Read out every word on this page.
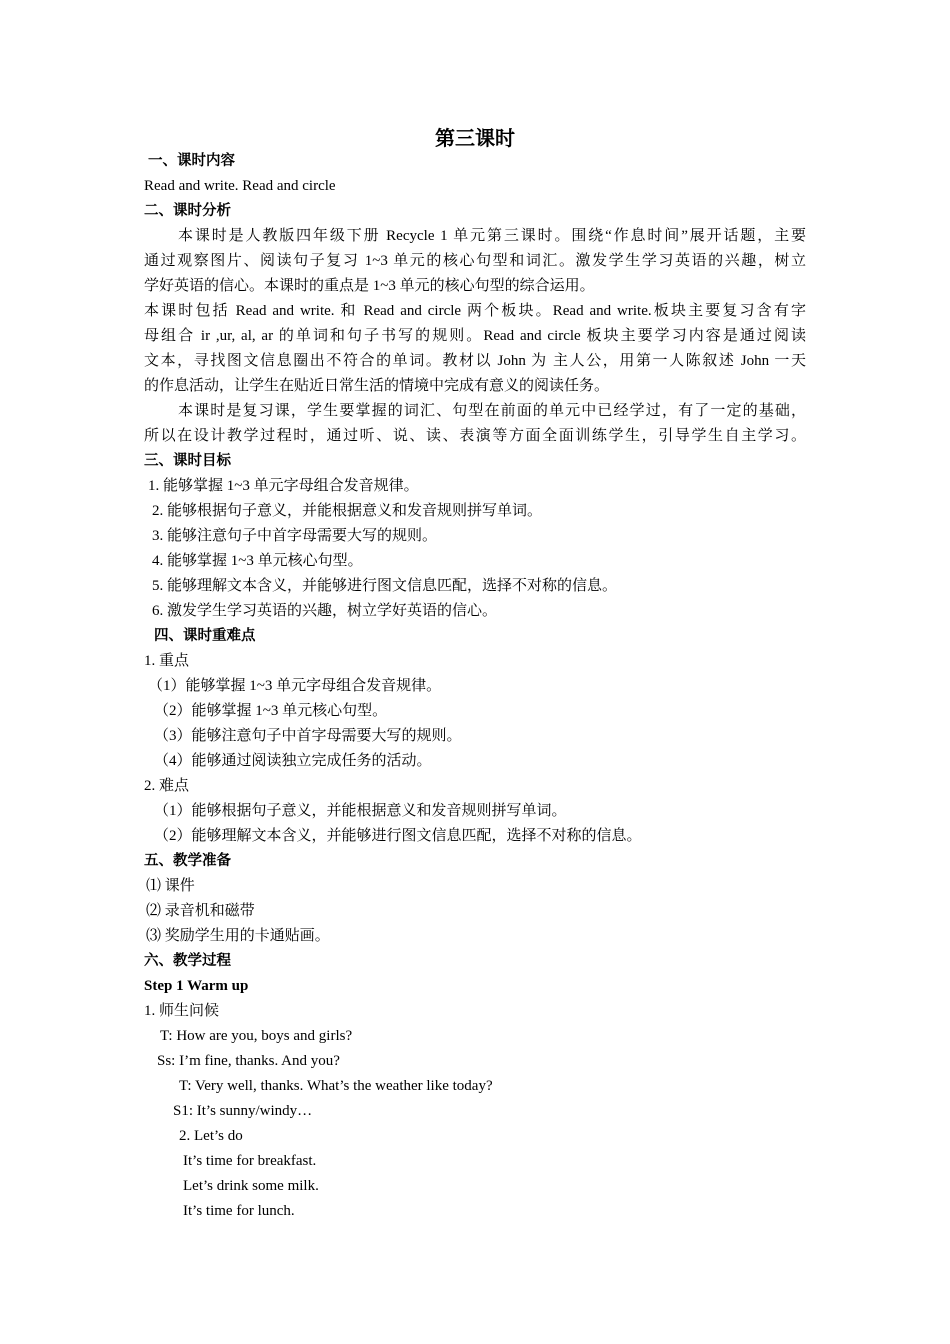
第三课时
一、课时内容
Read and write. Read and circle
二、课时分析
本课时是人教版四年级下册 Recycle 1 单元第三课时。围绕“作息时间”展开话题，主要
通过观察图片、阅读句子复习 1~3 单元的核心句型和词汇。激发学生学习英语的兴趣，树立
学好英语的信心。本课时的重点是 1~3 单元的核心句型的综合运用。
本课时包括 Read and write. 和 Read and circle 两个板块。Read and write.板块主要复习含有字
母组合 ir ,ur, al, ar 的单词和句子书写的规则。Read and circle 板块主要学习内容是通过阅读
文本，寻找图文信息圈出不符合的单词。教材以 John 为 主人公，用第一人陈叙述 John 一天
的作息活动，让学生在贴近日常生活的情境中完成有意义的阅读任务。
本课时是复习课，学生要掌握的词汇、句型在前面的单元中已经学过，有了一定的基础，
所以在设计教学过程时，通过听、说、读、表演等方面全面训练学生，引导学生自主学习。
三、课时目标
1. 能够掌握 1~3 单元字母组合发音规律。
2. 能够根据句子意义，并能根据意义和发音规则拼写单词。
3. 能够注意句子中首字母需要大写的规则。
4. 能够掌握 1~3 单元核心句型。
5. 能够理解文本含义，并能够进行图文信息匹配，选择不对称的信息。
6. 激发学生学习英语的兴趣，树立学好英语的信心。
四、课时重难点
1. 重点
（1）能够掌握 1~3 单元字母组合发音规律。
（2）能够掌握 1~3 单元核心句型。
（3）能够注意句子中首字母需要大写的规则。
（4）能够通过阅读独立完成任务的活动。
2. 难点
（1）能够根据句子意义，并能根据意义和发音规则拼写单词。
（2）能够理解文本含义，并能够进行图文信息匹配，选择不对称的信息。
五、教学准备
⑴ 课件
⑵ 录音机和磁带
⑶ 奖励学生用的卡通贴画。
六、教学过程
Step 1 Warm up
1. 师生问候
T: How are you, boys and girls?
Ss: I’m fine, thanks. And you?
T: Very well, thanks. What’s the weather like today?
S1: It’s sunny/windy…
2. Let’s do
It’s time for breakfast.
Let’s drink some milk.
It’s time for lunch.
